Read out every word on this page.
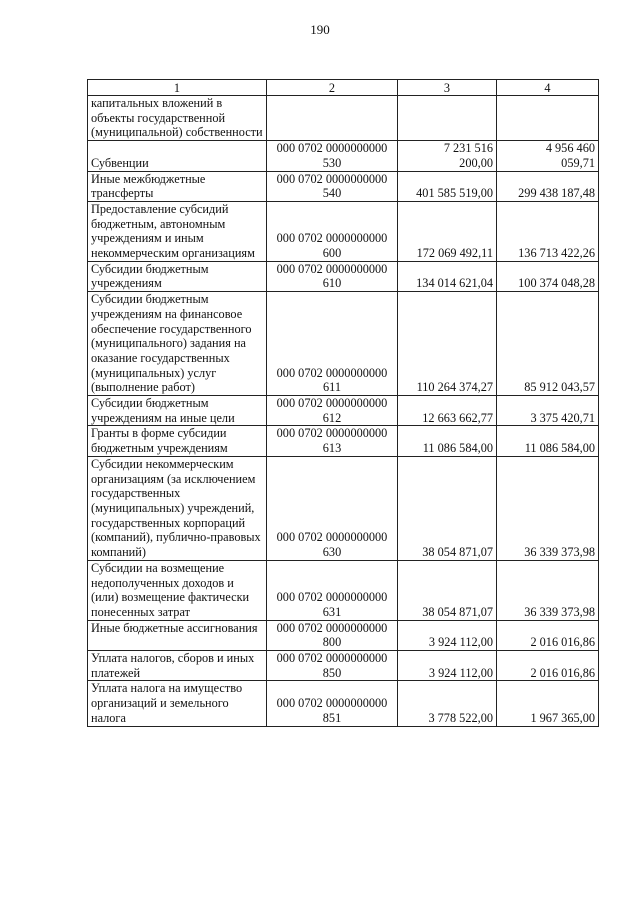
190
1	2	3	4
капитальных вложений в объекты государственной (муниципальной) собственности			
Субвенции	000 0702 0000000000 530	7 231 516 200,00	4 956 460 059,71
Иные межбюджетные трансферты	000 0702 0000000000 540	401 585 519,00	299 438 187,48
Предоставление субсидий бюджетным, автономным учреждениям и иным некоммерческим организациям	000 0702 0000000000 600	172 069 492,11	136 713 422,26
Субсидии бюджетным учреждениям	000 0702 0000000000 610	134 014 621,04	100 374 048,28
Субсидии бюджетным учреждениям на финансовое обеспечение государственного (муниципального) задания на оказание государственных (муниципальных) услуг (выполнение работ)	000 0702 0000000000 611	110 264 374,27	85 912 043,57
Субсидии бюджетным учреждениям на иные цели	000 0702 0000000000 612	12 663 662,77	3 375 420,71
Гранты в форме субсидии бюджетным учреждениям	000 0702 0000000000 613	11 086 584,00	11 086 584,00
Субсидии некоммерческим организациям (за исключением государственных (муниципальных) учреждений, государственных корпораций (компаний), публично-правовых компаний)	000 0702 0000000000 630	38 054 871,07	36 339 373,98
Субсидии на возмещение недополученных доходов и (или) возмещение фактически понесенных затрат	000 0702 0000000000 631	38 054 871,07	36 339 373,98
Иные бюджетные ассигнования	000 0702 0000000000 800	3 924 112,00	2 016 016,86
Уплата налогов, сборов и иных платежей	000 0702 0000000000 850	3 924 112,00	2 016 016,86
Уплата налога на имущество организаций и земельного налога	000 0702 0000000000 851	3 778 522,00	1 967 365,00
